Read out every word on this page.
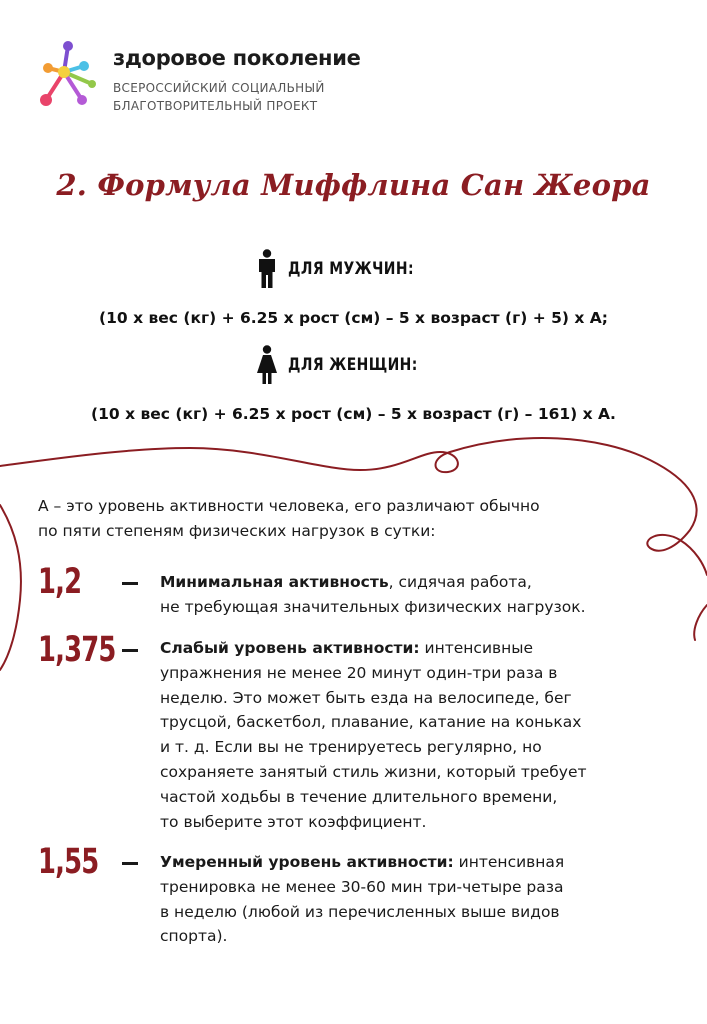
здоровое поколение
ВСЕРОССИЙСКИЙ СОЦИАЛЬНЫЙ
БЛАГОТВОРИТЕЛЬНЫЙ ПРОЕКТ
2. Формула Миффлина Сан Жеора
ДЛЯ МУЖЧИН:
(10 х вес (кг) + 6.25 х рост (см) – 5 х возраст (г) + 5) х А;
ДЛЯ ЖЕНЩИН:
(10 х вес (кг) + 6.25 х рост (см) – 5 х возраст (г) – 161) х А.
А – это уровень активности человека, его различают обычно
по пяти степеням физических нагрузок в сутки:
1,2	Минимальная активность, сидячая работа,
не требующая значительных физических нагрузок.
1,375	Слабый уровень активности: интенсивные
упражнения не менее 20 минут один-три раза в
неделю. Это может быть езда на велосипеде, бег
трусцой, баскетбол, плавание, катание на коньках
и т. д. Если вы не тренируетесь регулярно, но
сохраняете занятый стиль жизни, который требует
частой ходьбы в течение длительного времени,
то выберите этот коэффициент.
1,55	Умеренный уровень активности: интенсивная
тренировка не менее 30-60 мин три-четыре раза
в неделю (любой из перечисленных выше видов
спорта).
